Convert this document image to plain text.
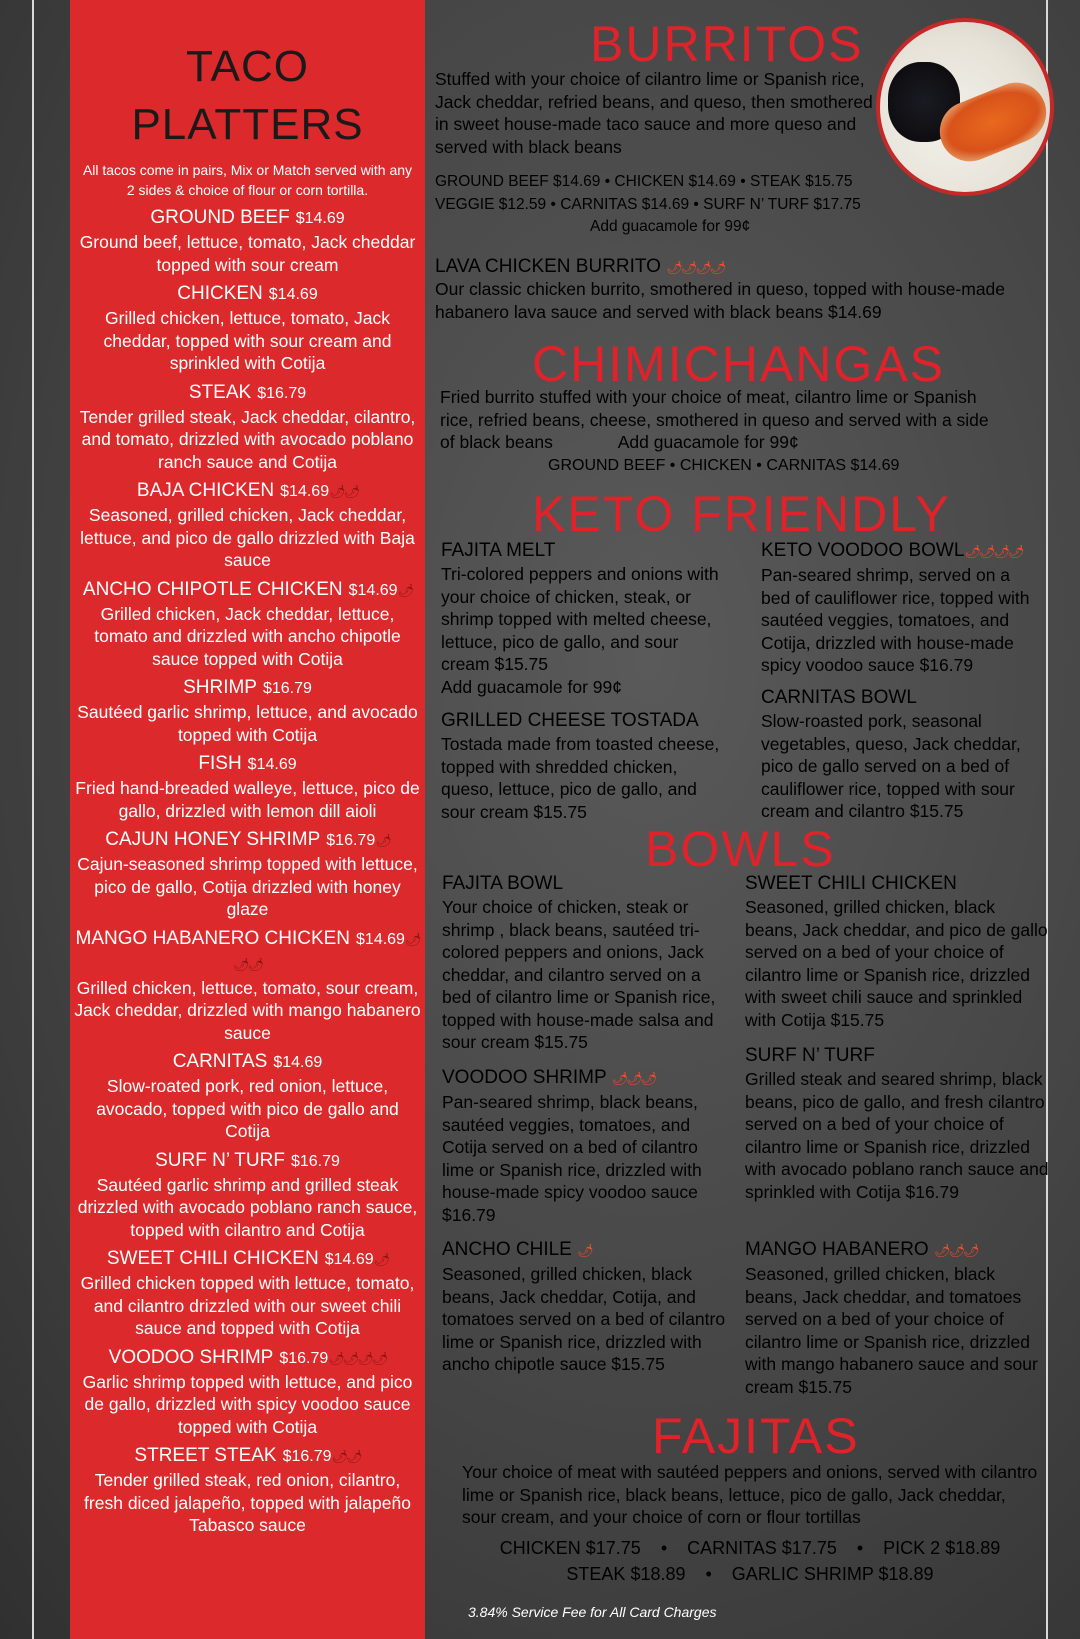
TACO
PLATTERS
All tacos come in pairs, Mix or Match served with any 2 sides & choice of flour or corn tortilla.
GROUND BEEF $14.69
Ground beef, lettuce, tomato, Jack cheddar topped with sour cream
CHICKEN $14.69
Grilled chicken, lettuce, tomato, Jack cheddar, topped with sour cream and sprinkled with Cotija
STEAK $16.79
Tender grilled steak, Jack cheddar, cilantro, and tomato, drizzled with avocado poblano ranch sauce and Cotija
BAJA CHICKEN $14.69🌶🌶
Seasoned, grilled chicken, Jack cheddar, lettuce, and pico de gallo drizzled with Baja sauce
ANCHO CHIPOTLE CHICKEN $14.69🌶
Grilled chicken, Jack cheddar, lettuce, tomato and drizzled with ancho chipotle sauce topped with Cotija
SHRIMP $16.79
Sautéed garlic shrimp, lettuce, and avocado topped with Cotija
FISH $14.69
Fried hand-breaded walleye, lettuce, pico de gallo, drizzled with lemon dill aioli
CAJUN HONEY SHRIMP $16.79🌶
Cajun-seasoned shrimp topped with lettuce, pico de gallo, Cotija drizzled with honey glaze
MANGO HABANERO CHICKEN $14.69🌶🌶🌶
Grilled chicken, lettuce, tomato, sour cream, Jack cheddar, drizzled with mango habanero sauce
CARNITAS $14.69
Slow-roated pork, red onion, lettuce, avocado, topped with pico de gallo and Cotija
SURF N’ TURF $16.79
Sautéed garlic shrimp and grilled steak drizzled with avocado poblano ranch sauce, topped with cilantro and Cotija
SWEET CHILI CHICKEN $14.69🌶
Grilled chicken topped with lettuce, tomato, and cilantro drizzled with our sweet chili sauce and topped with Cotija
VOODOO SHRIMP $16.79🌶🌶🌶🌶
Garlic shrimp topped with lettuce, and pico de gallo, drizzled with spicy voodoo sauce topped with Cotija
STREET STEAK $16.79🌶🌶
Tender grilled steak, red onion, cilantro, fresh diced jalapeño, topped with jalapeño Tabasco sauce
BURRITOS
Stuffed with your choice of cilantro lime or Spanish rice, Jack cheddar, refried beans, and queso, then smothered in sweet house-made taco sauce and more queso and served with black beans
GROUND BEEF $14.69 • CHICKEN $14.69 • STEAK $15.75
VEGGIE $12.59 • CARNITAS $14.69 • SURF N’ TURF $17.75
Add guacamole for 99¢
LAVA CHICKEN BURRITO 🌶🌶🌶🌶
Our classic chicken burrito, smothered in queso, topped with house-made habanero lava sauce and served with black beans $14.69
CHIMICHANGAS
Fried burrito stuffed with your choice of meat, cilantro lime or Spanish
rice, refried beans, cheese, smothered in queso and served with a side
of black beans	Add guacamole for 99¢
GROUND BEEF • CHICKEN • CARNITAS $14.69
KETO FRIENDLY
FAJITA MELT
Tri-colored peppers and onions with your choice of chicken, steak, or shrimp topped with melted cheese, lettuce, pico de gallo, and sour cream $15.75
Add guacamole for 99¢
GRILLED CHEESE TOSTADA
Tostada made from toasted cheese, topped with shredded chicken, queso, lettuce, pico de gallo, and sour cream $15.75
KETO VOODOO BOWL🌶🌶🌶🌶
Pan-seared shrimp, served on a bed of cauliflower rice, topped with sautéed veggies, tomatoes, and Cotija, drizzled with house-made spicy voodoo sauce $16.79
CARNITAS BOWL
Slow-roasted pork, seasonal vegetables, queso, Jack cheddar, pico de gallo served on a bed of cauliflower rice, topped with sour cream and cilantro $15.75
BOWLS
FAJITA BOWL
Your choice of chicken, steak or shrimp , black beans, sautéed tri-colored peppers and onions, Jack cheddar, and cilantro served on a bed of cilantro lime or Spanish rice, topped with house-made salsa and sour cream $15.75
VOODOO SHRIMP 🌶🌶🌶
Pan-seared shrimp, black beans, sautéed veggies, tomatoes, and Cotija served on a bed of cilantro lime or Spanish rice, drizzled with house-made spicy voodoo sauce $16.79
ANCHO CHILE 🌶
Seasoned, grilled chicken, black beans, Jack cheddar, Cotija, and tomatoes served on a bed of cilantro lime or Spanish rice, drizzled with ancho chipotle sauce $15.75
SWEET CHILI CHICKEN
Seasoned, grilled chicken, black beans, Jack cheddar, and pico de gallo served on a bed of your choice of cilantro lime or Spanish rice, drizzled with sweet chili sauce and sprinkled with Cotija $15.75
SURF N’ TURF
Grilled steak and seared shrimp, black beans, pico de gallo, and fresh cilantro served on a bed of your choice of cilantro lime or Spanish rice, drizzled with avocado poblano ranch sauce and sprinkled with Cotija $16.79
MANGO HABANERO 🌶🌶🌶
Seasoned, grilled chicken, black beans, Jack cheddar, and tomatoes served on a bed of your choice of cilantro lime or Spanish rice, drizzled with mango habanero sauce and sour cream $15.75
FAJITAS
Your choice of meat with sautéed peppers and onions, served with cilantro lime or Spanish rice, black beans, lettuce, pico de gallo, Jack cheddar, sour cream, and your choice of corn or flour tortillas
CHICKEN $17.75    •    CARNITAS $17.75    •    PICK 2 $18.89
STEAK $18.89    •    GARLIC SHRIMP $18.89
3.84% Service Fee for All Card Charges
